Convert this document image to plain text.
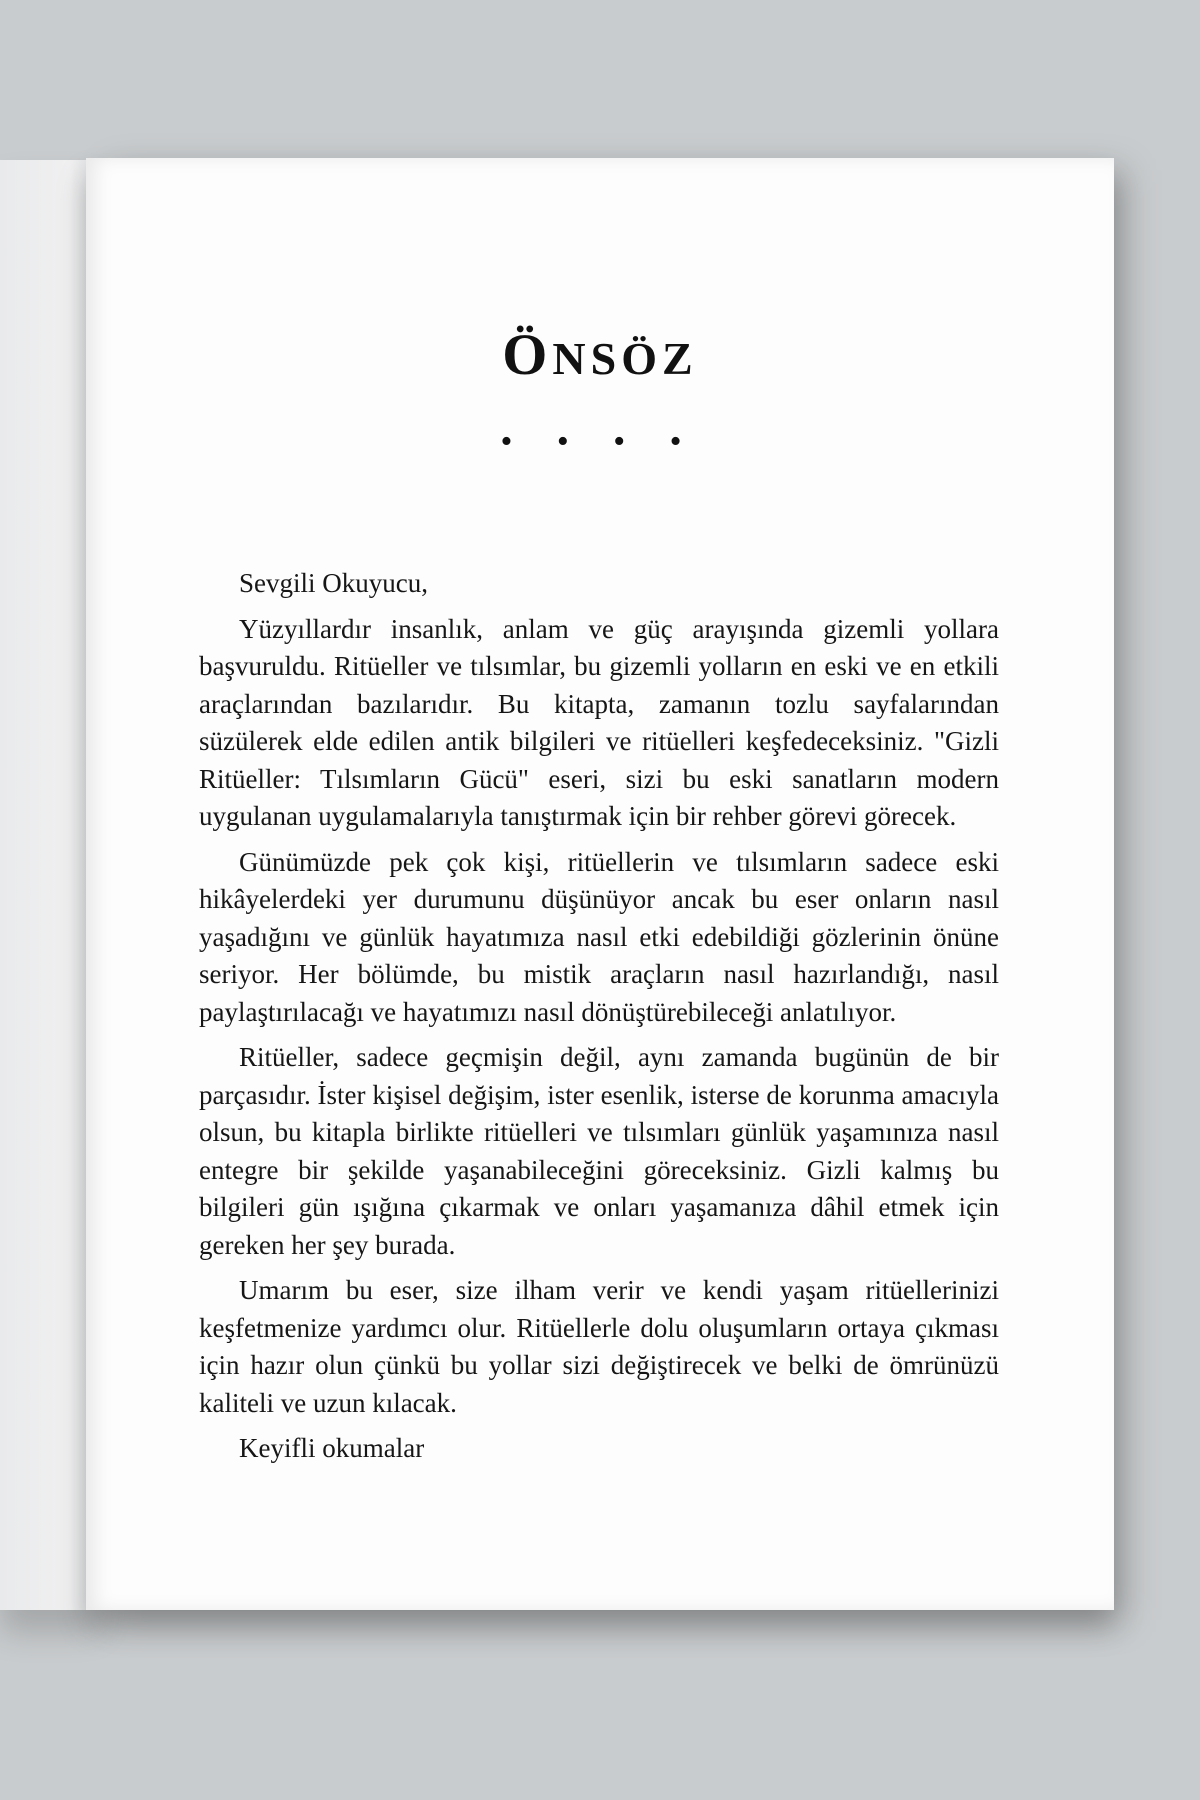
ÖNSÖZ
• • • •

Sevgili Okuyucu,

Yüzyıllardır insanlık, anlam ve güç arayışında gizemli yollara başvuruldu. Ritüeller ve tılsımlar, bu gizemli yolların en eski ve en etkili araçlarından bazılarıdır. Bu kitapta, zamanın tozlu sayfalarından süzülerek elde edilen antik bilgileri ve ritüelleri keşfedeceksiniz. "Gizli Ritüeller: Tılsımların Gücü" eseri, sizi bu eski sanatların modern uygulanan uygulamalarıyla tanıştırmak için bir rehber görevi görecek.

Günümüzde pek çok kişi, ritüellerin ve tılsımların sadece eski hikâyelerdeki yer durumunu düşünüyor ancak bu eser onların nasıl yaşadığını ve günlük hayatımıza nasıl etki edebildiği gözlerinin önüne seriyor. Her bölümde, bu mistik araçların nasıl hazırlandığı, nasıl paylaştırılacağı ve hayatımızı nasıl dönüştürebileceği anlatılıyor.

Ritüeller, sadece geçmişin değil, aynı zamanda bugünün de bir parçasıdır. İster kişisel değişim, ister esenlik, isterse de korunma amacıyla olsun, bu kitapla birlikte ritüelleri ve tılsımları günlük yaşamınıza nasıl entegre bir şekilde yaşanabileceğini göreceksiniz. Gizli kalmış bu bilgileri gün ışığına çıkarmak ve onları yaşamanıza dâhil etmek için gereken her şey burada.

Umarım bu eser, size ilham verir ve kendi yaşam ritüellerinizi keşfetmenize yardımcı olur. Ritüellerle dolu oluşumların ortaya çıkması için hazır olun çünkü bu yollar sizi değiştirecek ve belki de ömrünüzü kaliteli ve uzun kılacak.

Keyifli okumalar
